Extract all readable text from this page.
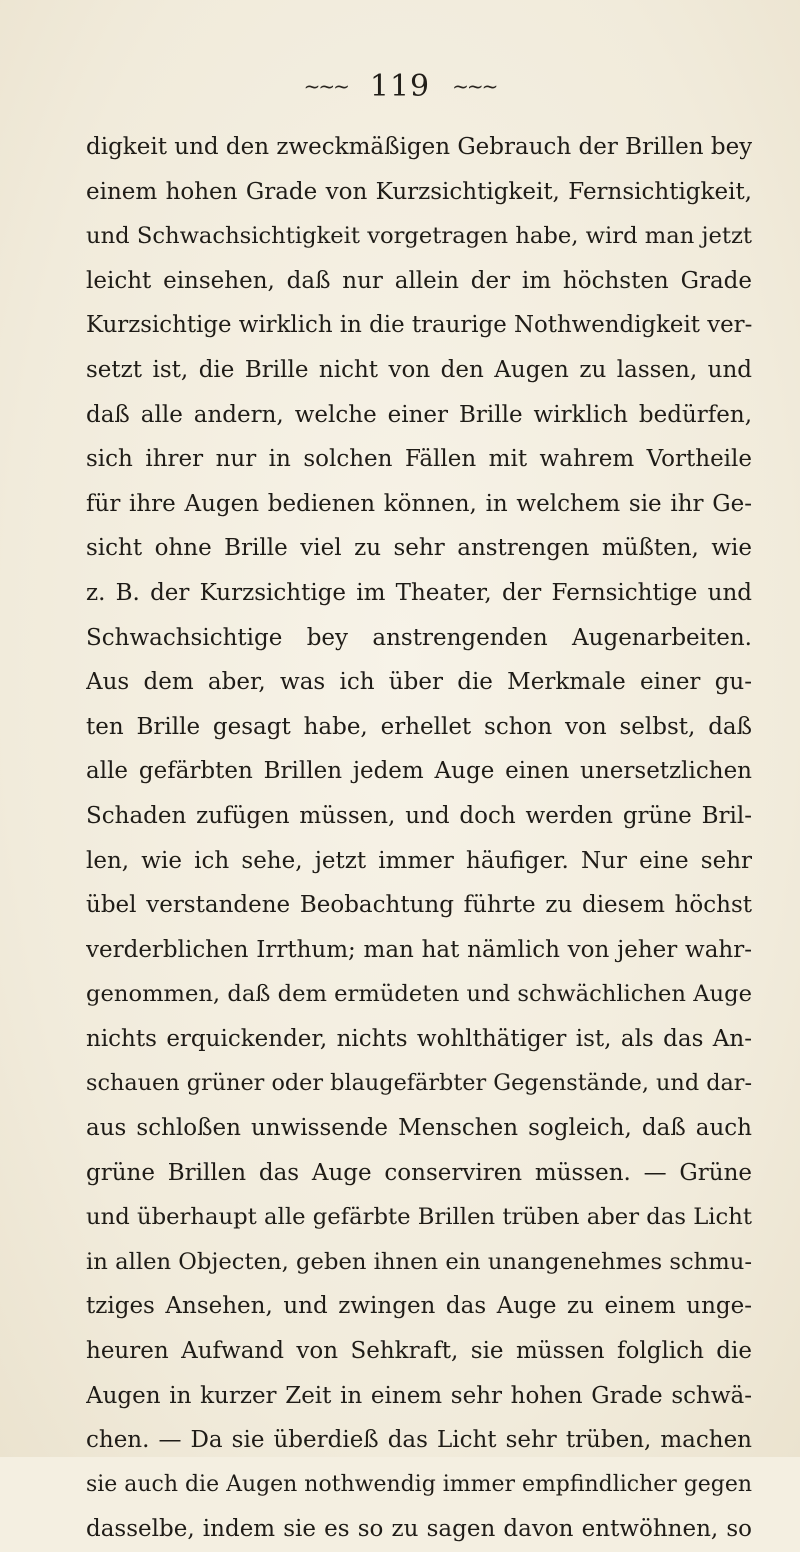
~~~ 119 ~~~
digkeit und den zweckmäßigen Gebrauch der Brillen bey
einem hohen Grade von Kurzsichtigkeit, Fernsichtigkeit,
und Schwachsichtigkeit vorgetragen habe, wird man jetzt
leicht einsehen, daß nur allein der im höchsten Grade
Kurzsichtige wirklich in die traurige Nothwendigkeit ver-
setzt ist, die Brille nicht von den Augen zu lassen, und
daß alle andern, welche einer Brille wirklich bedürfen,
sich ihrer nur in solchen Fällen mit wahrem Vortheile
für ihre Augen bedienen können, in welchem sie ihr Ge-
sicht ohne Brille viel zu sehr anstrengen müßten, wie
z. B. der Kurzsichtige im Theater, der Fernsichtige und
Schwachsichtige bey anstrengenden Augenarbeiten.
Aus dem aber, was ich über die Merkmale einer gu-
ten Brille gesagt habe, erhellet schon von selbst, daß
alle gefärbten Brillen jedem Auge einen unersetzlichen
Schaden zufügen müssen, und doch werden grüne Bril-
len, wie ich sehe, jetzt immer häufiger. Nur eine sehr
übel verstandene Beobachtung führte zu diesem höchst
verderblichen Irrthum; man hat nämlich von jeher wahr-
genommen, daß dem ermüdeten und schwächlichen Auge
nichts erquickender, nichts wohlthätiger ist, als das An-
schauen grüner oder blaugefärbter Gegenstände, und dar-
aus schloßen unwissende Menschen sogleich, daß auch
grüne Brillen das Auge conserviren müssen. — Grüne
und überhaupt alle gefärbte Brillen trüben aber das Licht
in allen Objecten, geben ihnen ein unangenehmes schmu-
tziges Ansehen, und zwingen das Auge zu einem unge-
heuren Aufwand von Sehkraft, sie müssen folglich die
Augen in kurzer Zeit in einem sehr hohen Grade schwä-
chen. — Da sie überdieß das Licht sehr trüben, machen
sie auch die Augen nothwendig immer empfindlicher gegen
dasselbe, indem sie es so zu sagen davon entwöhnen, so
